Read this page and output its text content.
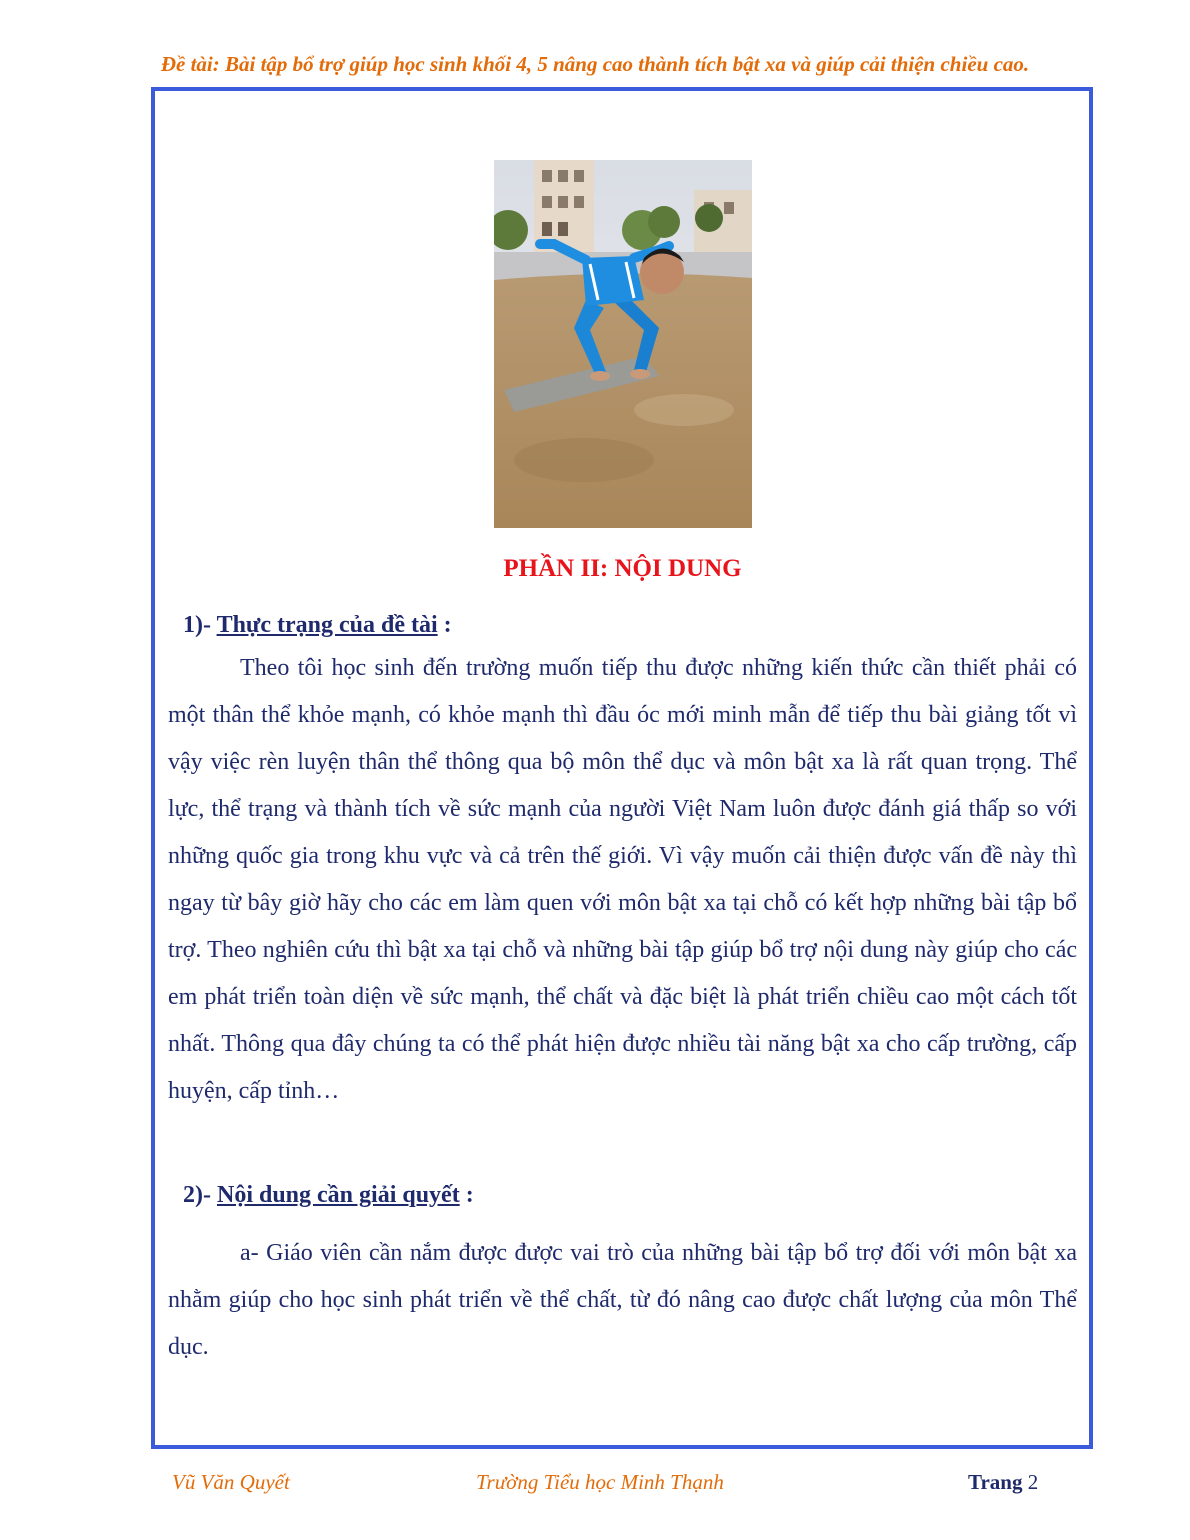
Đề tài: Bài tập bổ trợ giúp học sinh khối 4, 5 nâng cao thành tích bật xa và giúp cải thiện chiều cao.
PHẦN II: NỘI DUNG
1)- Thực trạng của đề tài :

Theo tôi học sinh đến trường muốn tiếp thu được những kiến thức cần thiết phải có một thân thể khỏe mạnh, có khỏe mạnh thì đầu óc mới minh mẫn để tiếp thu bài giảng tốt vì vậy việc rèn luyện thân thể thông qua bộ môn thể dục và môn bật xa là rất quan trọng. Thể lực, thể trạng và thành tích về sức mạnh của người Việt Nam luôn được đánh giá thấp so với những quốc gia trong khu vực và cả trên thế giới. Vì vậy muốn cải thiện được vấn đề này thì ngay từ bây giờ hãy cho các em làm quen với môn bật xa tại chỗ có kết hợp những bài tập bổ trợ. Theo nghiên cứu thì bật xa tại chỗ và những bài tập giúp bổ trợ nội dung này giúp cho các em phát triển toàn diện về sức mạnh, thể chất và đặc biệt là phát triển chiều cao một cách tốt nhất. Thông qua đây chúng ta có thể phát hiện được nhiều tài năng bật xa cho cấp trường, cấp huyện, cấp tỉnh…

2)- Nội dung cần giải quyết :

a- Giáo viên cần nắm được được vai trò của những bài tập bổ trợ đối với môn bật xa nhằm giúp cho học sinh phát triển về thể chất, từ đó nâng cao được chất lượng của môn Thể dục.

Vũ Văn Quyết	Trường Tiểu học Minh Thạnh	Trang 2
